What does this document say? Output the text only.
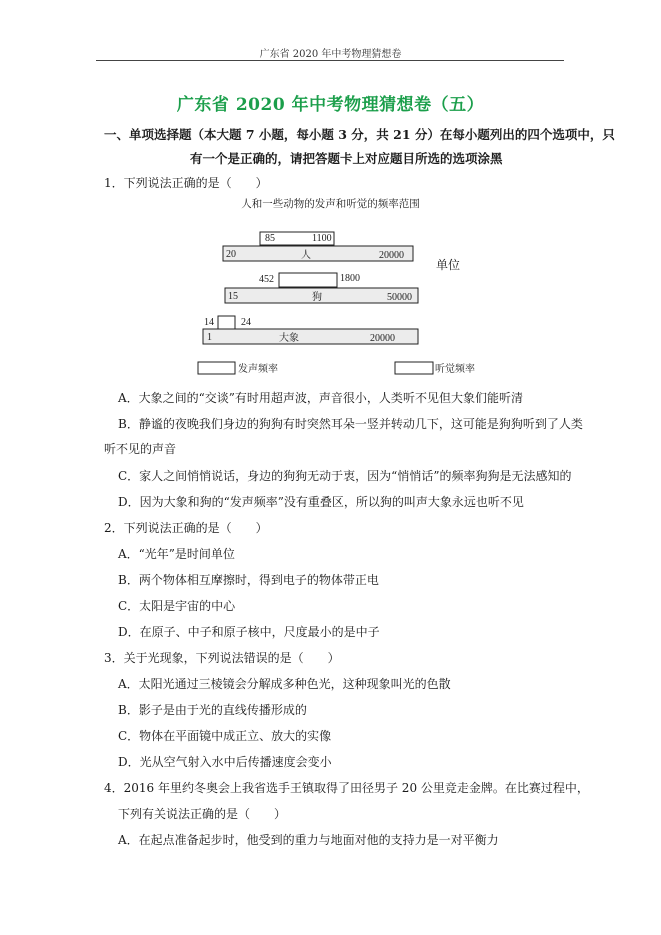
广东省 2020 年中考物理猜想卷
广东省 2020 年中考物理猜想卷（五）
一、单项选择题（本大题 7 小题，每小题 3 分，共 21 分）在每小题列出的四个选项中，只
有一个是正确的，请把答题卡上对应题目所选的选项涂黑
1．下列说法正确的是（　　）
人和一些动物的发声和听觉的频率范围
85	1100
20	人	20000
452	1800
15	狗	50000
14	24
1	大象	20000
发声频率	听觉频率
单位
A．大象之间的“交谈”有时用超声波，声音很小，人类听不见但大象们能听清
B．静谧的夜晚我们身边的狗狗有时突然耳朵一竖并转动几下，这可能是狗狗听到了人类
听不见的声音
C．家人之间悄悄说话，身边的狗狗无动于衷，因为“悄悄话”的频率狗狗是无法感知的
D．因为大象和狗的“发声频率”没有重叠区，所以狗的叫声大象永远也听不见
2．下列说法正确的是（　　）
A．“光年”是时间单位
B．两个物体相互摩擦时，得到电子的物体带正电
C．太阳是宇宙的中心
D．在原子、中子和原子核中，尺度最小的是中子
3．关于光现象，下列说法错误的是（　　）
A．太阳光通过三棱镜会分解成多种色光，这种现象叫光的色散
B．影子是由于光的直线传播形成的
C．物体在平面镜中成正立、放大的实像
D．光从空气射入水中后传播速度会变小
4．2016 年里约冬奥会上我省选手王镇取得了田径男子 20 公里竞走金牌。在比赛过程中，
下列有关说法正确的是（　　）
A．在起点准备起步时，他受到的重力与地面对他的支持力是一对平衡力
